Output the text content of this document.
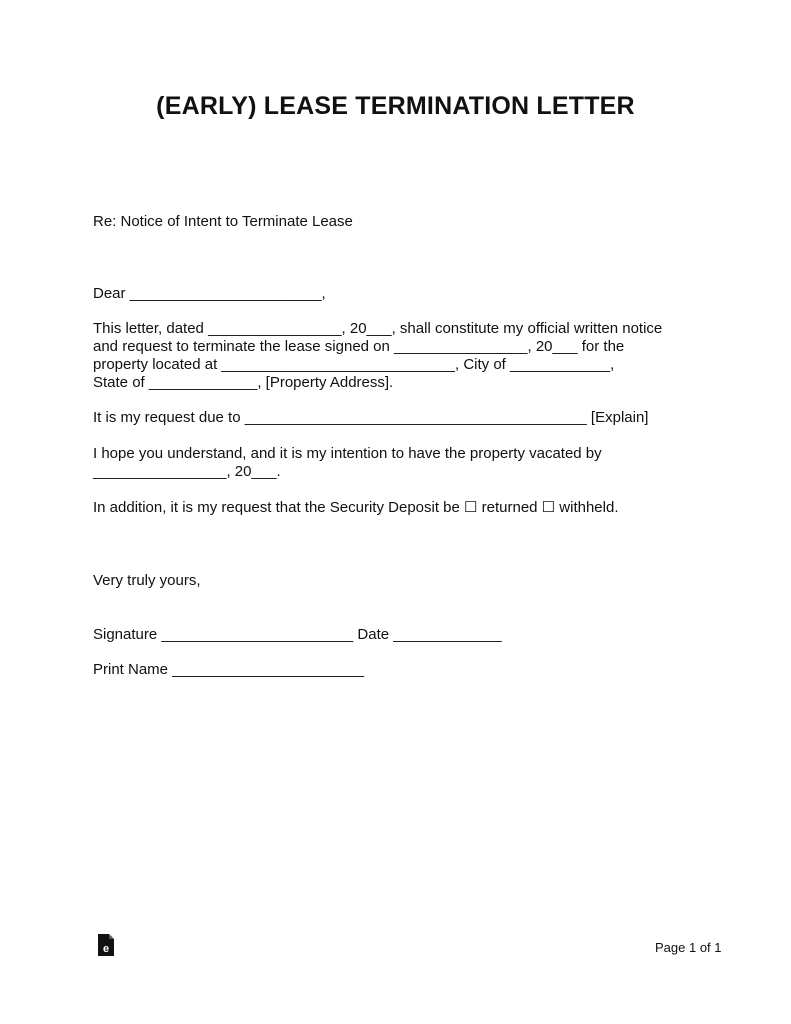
(EARLY) LEASE TERMINATION LETTER
Re: Notice of Intent to Terminate Lease
Dear _______________________,
This letter, dated ________________, 20___, shall constitute my official written notice
and request to terminate the lease signed on ________________, 20___ for the
property located at ____________________________, City of ____________,
State of _____________, [Property Address].
It is my request due to _________________________________________ [Explain]
I hope you understand, and it is my intention to have the property vacated by
________________, 20___.
In addition, it is my request that the Security Deposit be ☐ returned ☐ withheld.
Very truly yours,
Signature _______________________ Date _____________
Print Name _______________________
e	Page 1 of 1
